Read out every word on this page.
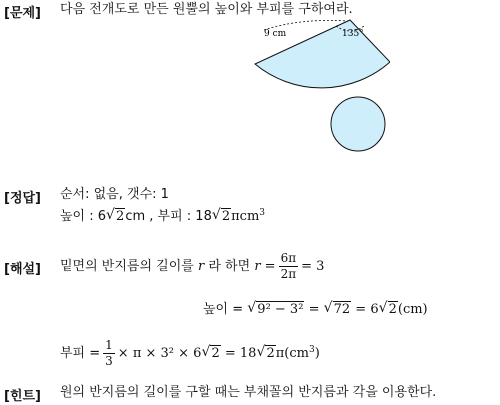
[문제] 다음 전개도로 만든 원뿔의 높이와 부피를 구하여라.
9 cm	135°
[정답] 순서: 없음, 갯수: 1
높이 : 6 √ 2cm , 부피 : 18 √ 2πcm$^3$
[해설] 밑면의 반지름의 길이를 r 라 하면 $r = \frac{6\pi}{2\pi} = 3$
높이 = √ 9² − 3² = √ 72 = 6 √ 2(cm)
부피 = $\frac{1}{3} \times \pi \times 3^2 \times 6$ √ 2 = 18 √ $2\pi(cm^3)$
[힌트] 원의 반지름의 길이를 구할 때는 부채꼴의 반지름과 각을 이용한다.
